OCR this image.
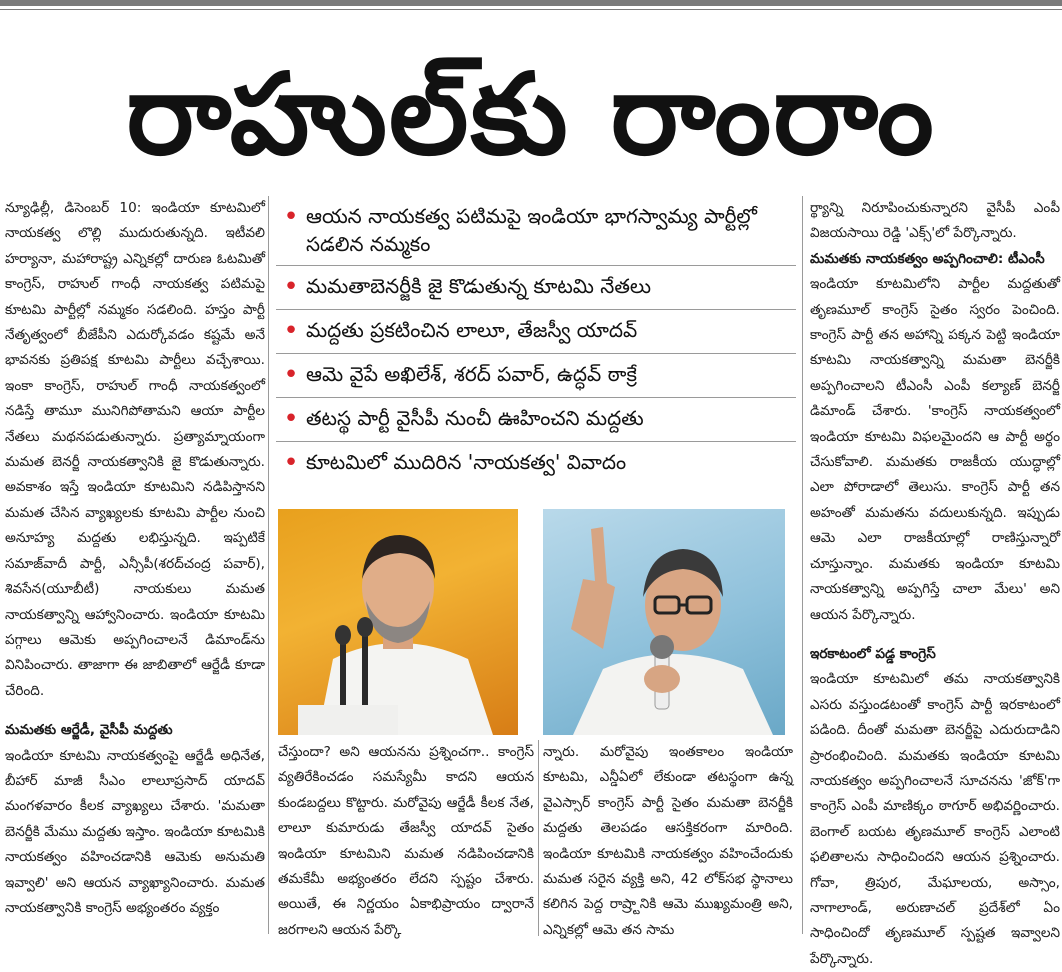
రాహుల్‌కు రాంరాం

న్యూఢిల్లీ, డిసెంబర్‌ 10: ఇండియా కూటమిలో నాయకత్వ లొల్లి ముదురుతున్నది. ఇటీవలి హర్యానా, మహారాష్ట్ర ఎన్నికల్లో దారుణ ఓటమితో కాంగ్రెస్‌, రాహుల్‌ గాంధీ నాయకత్వ పటిమపై కూటమి పార్టీల్లో నమ్మకం సడలింది. హస్తం పార్టీ నేతృత్వంలో బీజేపీని ఎదుర్కోవడం కష్టమే అనే భావనకు ప్రతిపక్ష కూటమి పార్టీలు వచ్చేశాయి. ఇంకా కాంగ్రెస్‌, రాహుల్‌ గాంధీ నాయకత్వంలో నడిస్తే తామూ మునిగిపోతామని ఆయా పార్టీల నేతలు మథనపడుతున్నారు. ప్రత్యామ్నాయంగా మమత బెనర్జీ నాయకత్వానికి జై కొడుతున్నారు. అవకాశం ఇస్తే ఇండియా కూటమిని నడిపిస్తానని మమత చేసిన వ్యాఖ్యలకు కూటమి పార్టీల నుంచి అనూహ్య మద్దతు లభిస్తున్నది. ఇప్పటికే సమాజ్‌వాదీ పార్టీ, ఎన్సీపీ(శరద్‌చంద్ర పవార్‌), శివసేన(యూబీటీ) నాయకులు మమత నాయకత్వాన్ని ఆహ్వానించారు. ఇండియా కూటమి పగ్గాలు ఆమెకు అప్పగించాలనే డిమాండ్‌ను వినిపించారు. తాజాగా ఈ జాబితాలో ఆర్జేడీ కూడా చేరింది.

మమతకు ఆర్జేడీ, వైసీపీ మద్దతు

ఇండియా కూటమి నాయకత్వంపై ఆర్జేడీ అధినేత, బీహార్‌ మాజీ సీఎం లాలూప్రసాద్‌ యాదవ్‌ మంగళవారం కీలక వ్యాఖ్యలు చేశారు. 'మమతా బెనర్జీకి మేము మద్దతు ఇస్తాం. ఇండియా కూటమికి నాయకత్వం వహించడానికి ఆమెకు అనుమతి ఇవ్వాలి' అని ఆయన వ్యాఖ్యానించారు. మమత నాయకత్వానికి కాంగ్రెస్‌ అభ్యంతరం వ్యక్తం

• ఆయన నాయకత్వ పటిమపై ఇండియా భాగస్వామ్య పార్టీల్లో సడలిన నమ్మకం
• మమతాబెనర్జీకి జై కొడుతున్న కూటమి నేతలు
• మద్దతు ప్రకటించిన లాలూ, తేజస్వీ యాదవ్
• ఆమె వైపే అఖిలేశ్‌, శరద్‌ పవార్‌, ఉద్ధవ్‌ ఠాక్రే
• తటస్థ పార్టీ వైసీపీ నుంచీ ఊహించని మద్దతు
• కూటమిలో ముదిరిన 'నాయకత్వ' వివాదం

చేస్తుందా? అని ఆయనను ప్రశ్నించగా.. కాంగ్రెస్‌ వ్యతిరేకించడం సమస్యేమీ కాదని ఆయన కుండబద్దలు కొట్టారు. మరోవైపు ఆర్జేడీ కీలక నేత, లాలూ కుమారుడు తేజస్వీ యాదవ్‌ సైతం ఇండియా కూటమిని మమత నడిపించడానికి తమకేమీ అభ్యంతరం లేదని స్పష్టం చేశారు. అయితే, ఈ నిర్ణయం ఏకాభిప్రాయం ద్వారానే జరగాలని ఆయన పేర్కొ

న్నారు. మరోవైపు ఇంతకాలం ఇండియా కూటమి, ఎన్డీఏలో లేకుండా తటస్థంగా ఉన్న వైఎస్సార్‌ కాంగ్రెస్‌ పార్టీ సైతం మమతా బెనర్జీకి మద్దతు తెలపడం ఆసక్తికరంగా మారింది. ఇండియా కూటమికి నాయకత్వం వహించేందుకు మమత సరైన వ్యక్తి అని, 42 లోక్‌సభ స్థానాలు కలిగిన పెద్ద రాష్ర్టానికి ఆమె ముఖ్యమంత్రి అని, ఎన్నికల్లో ఆమె తన సామ

ర్థ్యాన్ని నిరూపించుకున్నారని వైసీపీ ఎంపీ విజయసాయి రెడ్డి 'ఎక్స్‌'లో పేర్కొన్నారు.

మమతకు నాయకత్వం అప్పగించాలి: టీఎంసీ

ఇండియా కూటమిలోని పార్టీల మద్దతుతో తృణమూల్‌ కాంగ్రెస్‌ సైతం స్వరం పెంచింది. కాంగ్రెస్‌ పార్టీ తన అహాన్ని పక్కన పెట్టి ఇండియా కూటమి నాయకత్వాన్ని మమతా బెనర్జీకి అప్పగించాలని టీఎంసీ ఎంపీ కల్యాణ్‌ బెనర్జీ డిమాండ్‌ చేశారు. 'కాంగ్రెస్‌ నాయకత్వంలో ఇండియా కూటమి విఫలమైందని ఆ పార్టీ అర్థం చేసుకోవాలి. మమతకు రాజకీయ యుద్ధాల్లో ఎలా పోరాడాలో తెలుసు. కాంగ్రెస్‌ పార్టీ తన అహంతో మమతను వదులుకున్నది. ఇప్పుడు ఆమె ఎలా రాజకీయాల్లో రాణిస్తున్నారో చూస్తున్నాం. మమతకు ఇండియా కూటమి నాయకత్వాన్ని అప్పగిస్తే చాలా మేలు' అని ఆయన పేర్కొన్నారు.

ఇరకాటంలో పడ్డ కాంగ్రెస్‌

ఇండియా కూటమిలో తమ నాయకత్వానికి ఎసరు వస్తుండటంతో కాంగ్రెస్‌ పార్టీ ఇరకాటంలో పడింది. దీంతో మమతా బెనర్జీపై ఎదురుదాడిని ప్రారంభించింది. మమతకు ఇండియా కూటమి నాయకత్వం అప్పగించాలనే సూచనను 'జోక్‌'గా కాంగ్రెస్‌ ఎంపీ మాణిక్కం ఠాగూర్‌ అభివర్ణించారు. బెంగాల్‌ బయట తృణమూల్‌ కాంగ్రెస్‌ ఎలాంటి ఫలితాలను సాధించిందని ఆయన ప్రశ్నించారు. గోవా, త్రిపుర, మేఘాలయ, అస్సాం, నాగాలాండ్‌, అరుణాచల్‌ ప్రదేశ్‌లో ఏం సాధించిందో తృణమూల్‌ స్పష్టత ఇవ్వాలని పేర్కొన్నారు.
